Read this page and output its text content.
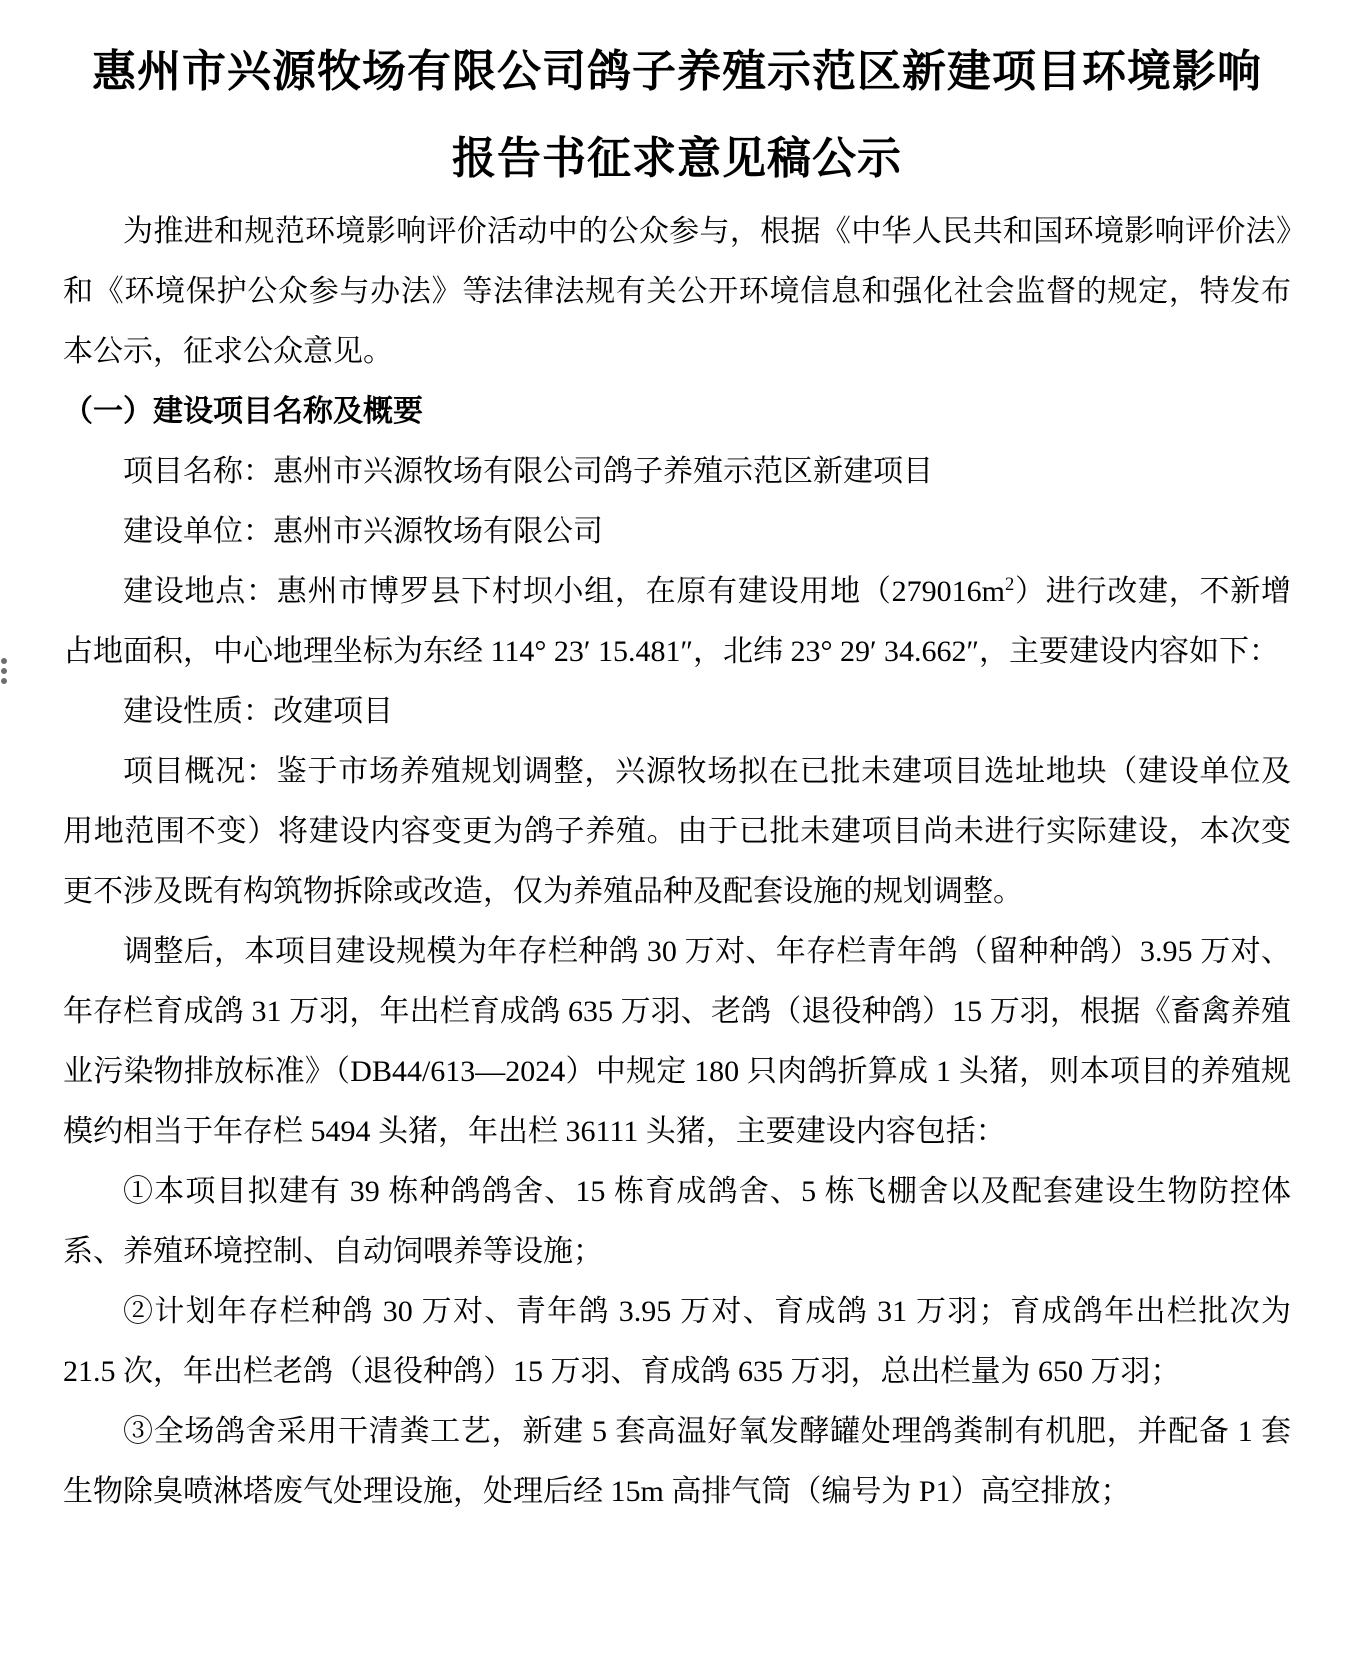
惠州市兴源牧场有限公司鸽子养殖示范区新建项目环境影响
报告书征求意见稿公示

为推进和规范环境影响评价活动中的公众参与，根据《中华人民共和国环境影响评价法》和《环境保护公众参与办法》等法律法规有关公开环境信息和强化社会监督的规定，特发布本公示，征求公众意见。

（一）建设项目名称及概要

项目名称：惠州市兴源牧场有限公司鸽子养殖示范区新建项目

建设单位：惠州市兴源牧场有限公司

建设地点：惠州市博罗县下村坝小组，在原有建设用地$(279016m^2)$进行改建，不新增占地面积，中心地理坐标为东经 114° 23′ 15.481″，北纬 23° 29′ 34.662″，主要建设内容如下：

建设性质：改建项目

项目概况：鉴于市场养殖规划调整，兴源牧场拟在已批未建项目选址地块（建设单位及用地范围不变）将建设内容变更为鸽子养殖。由于已批未建项目尚未进行实际建设，本次变更不涉及既有构筑物拆除或改造，仅为养殖品种及配套设施的规划调整。

调整后，本项目建设规模为年存栏种鸽 30 万对、年存栏青年鸽（留种种鸽）3.95 万对、年存栏育成鸽 31 万羽，年出栏育成鸽 635 万羽、老鸽（退役种鸽）15 万羽，根据《畜禽养殖业污染物排放标准》（DB44/613—2024）中规定 180 只肉鸽折算成 1 头猪，则本项目的养殖规模约相当于年存栏 5494 头猪，年出栏 36111 头猪，主要建设内容包括：

①本项目拟建有 39 栋种鸽鸽舍、15 栋育成鸽舍、5 栋飞棚舍以及配套建设生物防控体系、养殖环境控制、自动饲喂养等设施；

②计划年存栏种鸽 30 万对、青年鸽 3.95 万对、育成鸽 31 万羽；育成鸽年出栏批次为 21.5 次，年出栏老鸽（退役种鸽）15 万羽、育成鸽 635 万羽，总出栏量为 650 万羽；

③全场鸽舍采用干清粪工艺，新建 5 套高温好氧发酵罐处理鸽粪制有机肥，并配备 1 套生物除臭喷淋塔废气处理设施，处理后经 15m 高排气筒（编号为 P1）高空排放；
